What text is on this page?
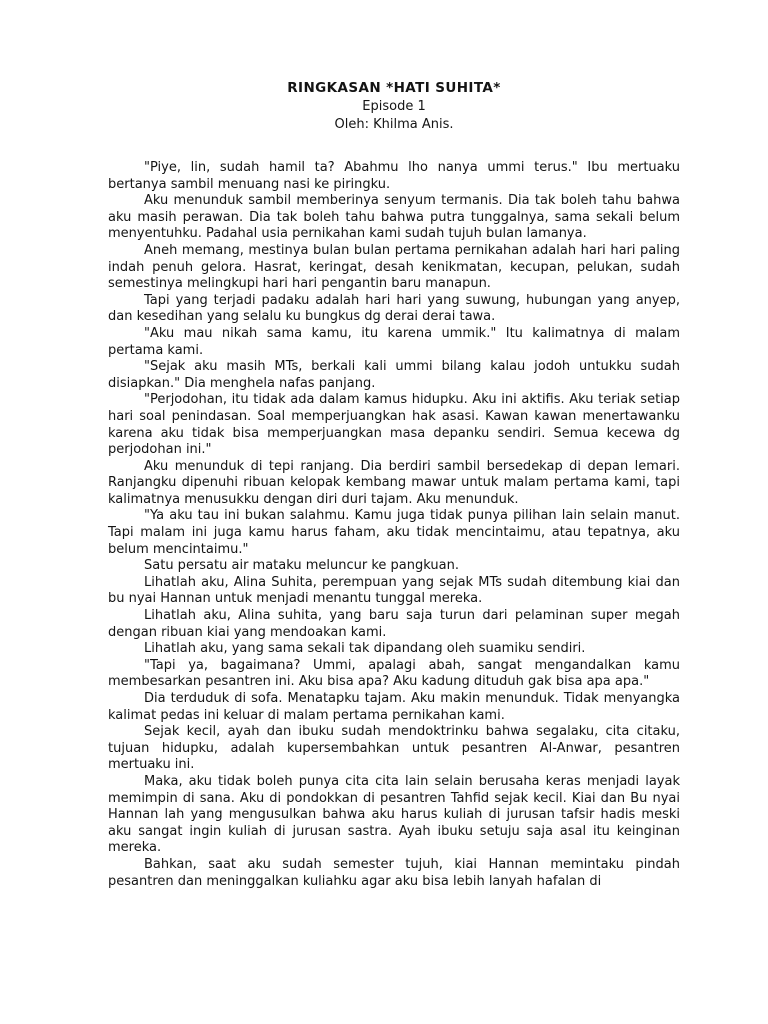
RINGKASAN *HATI SUHITA*

Episode 1

Oleh: Khilma Anis.

"Piye, lin, sudah hamil ta? Abahmu lho nanya ummi terus." Ibu mertuaku bertanya sambil menuang nasi ke piringku.

Aku menunduk sambil memberinya senyum termanis. Dia tak boleh tahu bahwa aku masih perawan. Dia tak boleh tahu bahwa putra tunggalnya, sama sekali belum menyentuhku. Padahal usia pernikahan kami sudah tujuh bulan lamanya.

Aneh memang, mestinya bulan bulan pertama pernikahan adalah hari hari paling indah penuh gelora. Hasrat, keringat, desah kenikmatan, kecupan, pelukan, sudah semestinya melingkupi hari hari pengantin baru manapun.

Tapi yang terjadi padaku adalah hari hari yang suwung, hubungan yang anyep, dan kesedihan yang selalu ku bungkus dg derai derai tawa.

"Aku mau nikah sama kamu, itu karena ummik." Itu kalimatnya di malam pertama kami.

"Sejak aku masih MTs, berkali kali ummi bilang kalau jodoh untukku sudah disiapkan." Dia menghela nafas panjang.

"Perjodohan, itu tidak ada dalam kamus hidupku. Aku ini aktifis. Aku teriak setiap hari soal penindasan. Soal memperjuangkan hak asasi. Kawan kawan menertawanku karena aku tidak bisa memperjuangkan masa depanku sendiri. Semua kecewa dg perjodohan ini."

Aku menunduk di tepi ranjang. Dia berdiri sambil bersedekap di depan lemari. Ranjangku dipenuhi ribuan kelopak kembang mawar untuk malam pertama kami, tapi kalimatnya menusukku dengan diri duri tajam. Aku menunduk.

"Ya aku tau ini bukan salahmu. Kamu juga tidak punya pilihan lain selain manut. Tapi malam ini juga kamu harus faham, aku tidak mencintaimu, atau tepatnya, aku belum mencintaimu."

Satu persatu air mataku meluncur ke pangkuan.

Lihatlah aku, Alina Suhita, perempuan yang sejak MTs sudah ditembung kiai dan bu nyai Hannan untuk menjadi menantu tunggal mereka.

Lihatlah aku, Alina suhita, yang baru saja turun dari pelaminan super megah dengan ribuan kiai yang mendoakan kami.

Lihatlah aku, yang sama sekali tak dipandang oleh suamiku sendiri.

"Tapi ya, bagaimana? Ummi, apalagi abah, sangat mengandalkan kamu membesarkan pesantren ini. Aku bisa apa? Aku kadung dituduh gak bisa apa apa."

Dia terduduk di sofa. Menatapku tajam. Aku makin menunduk. Tidak menyangka kalimat pedas ini keluar di malam pertama pernikahan kami.

Sejak kecil, ayah dan ibuku sudah mendoktrinku bahwa segalaku, cita citaku, tujuan hidupku, adalah kupersembahkan untuk pesantren Al-Anwar, pesantren mertuaku ini.

Maka, aku tidak boleh punya cita cita lain selain berusaha keras menjadi layak memimpin di sana. Aku di pondokkan di pesantren Tahfid sejak kecil. Kiai dan Bu nyai Hannan lah yang mengusulkan bahwa aku harus kuliah di jurusan tafsir hadis meski aku sangat ingin kuliah di jurusan sastra. Ayah ibuku setuju saja asal itu keinginan mereka.

Bahkan, saat aku sudah semester tujuh, kiai Hannan memintaku pindah pesantren dan meninggalkan kuliahku agar aku bisa lebih lanyah hafalan di
